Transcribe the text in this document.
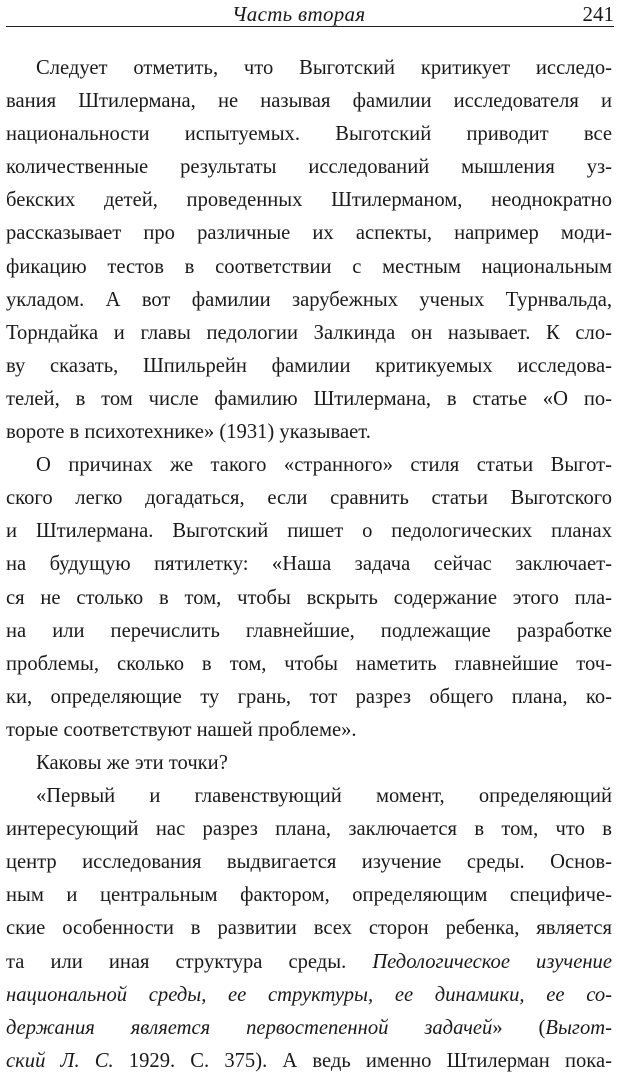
Часть вторая	241
Следует отметить, что Выготский критикует исследо-
вания Штилермана, не называя фамилии исследователя и
национальности испытуемых. Выготский приводит все
количественные результаты исследований мышления уз-
бекских детей, проведенных Штилерманом, неоднократно
рассказывает про различные их аспекты, например моди-
фикацию тестов в соответствии с местным национальным
укладом. А вот фамилии зарубежных ученых Турнвальда,
Торндайка и главы педологии Залкинда он называет. К сло-
ву сказать, Шпильрейн фамилии критикуемых исследова-
телей, в том числе фамилию Штилермана, в статье «О по-
вороте в психотехнике» (1931) указывает.
О причинах же такого «странного» стиля статьи Выгот-
ского легко догадаться, если сравнить статьи Выготского
и Штилермана. Выготский пишет о педологических планах
на будущую пятилетку: «Наша задача сейчас заключает-
ся не столько в том, чтобы вскрыть содержание этого пла-
на или перечислить главнейшие, подлежащие разработке
проблемы, сколько в том, чтобы наметить главнейшие точ-
ки, определяющие ту грань, тот разрез общего плана, ко-
торые соответствуют нашей проблеме».
Каковы же эти точки?
«Первый и главенствующий момент, определяющий
интересующий нас разрез плана, заключается в том, что в
центр исследования выдвигается изучение среды. Основ-
ным и центральным фактором, определяющим специфиче-
ские особенности в развитии всех сторон ребенка, является
та или иная структура среды. Педологическое изучение
национальной среды, ее структуры, ее динамики, ее со-
держания является первостепенной задачей» (Выгот-
ский Л. С. 1929. С. 375). А ведь именно Штилерман пока-
